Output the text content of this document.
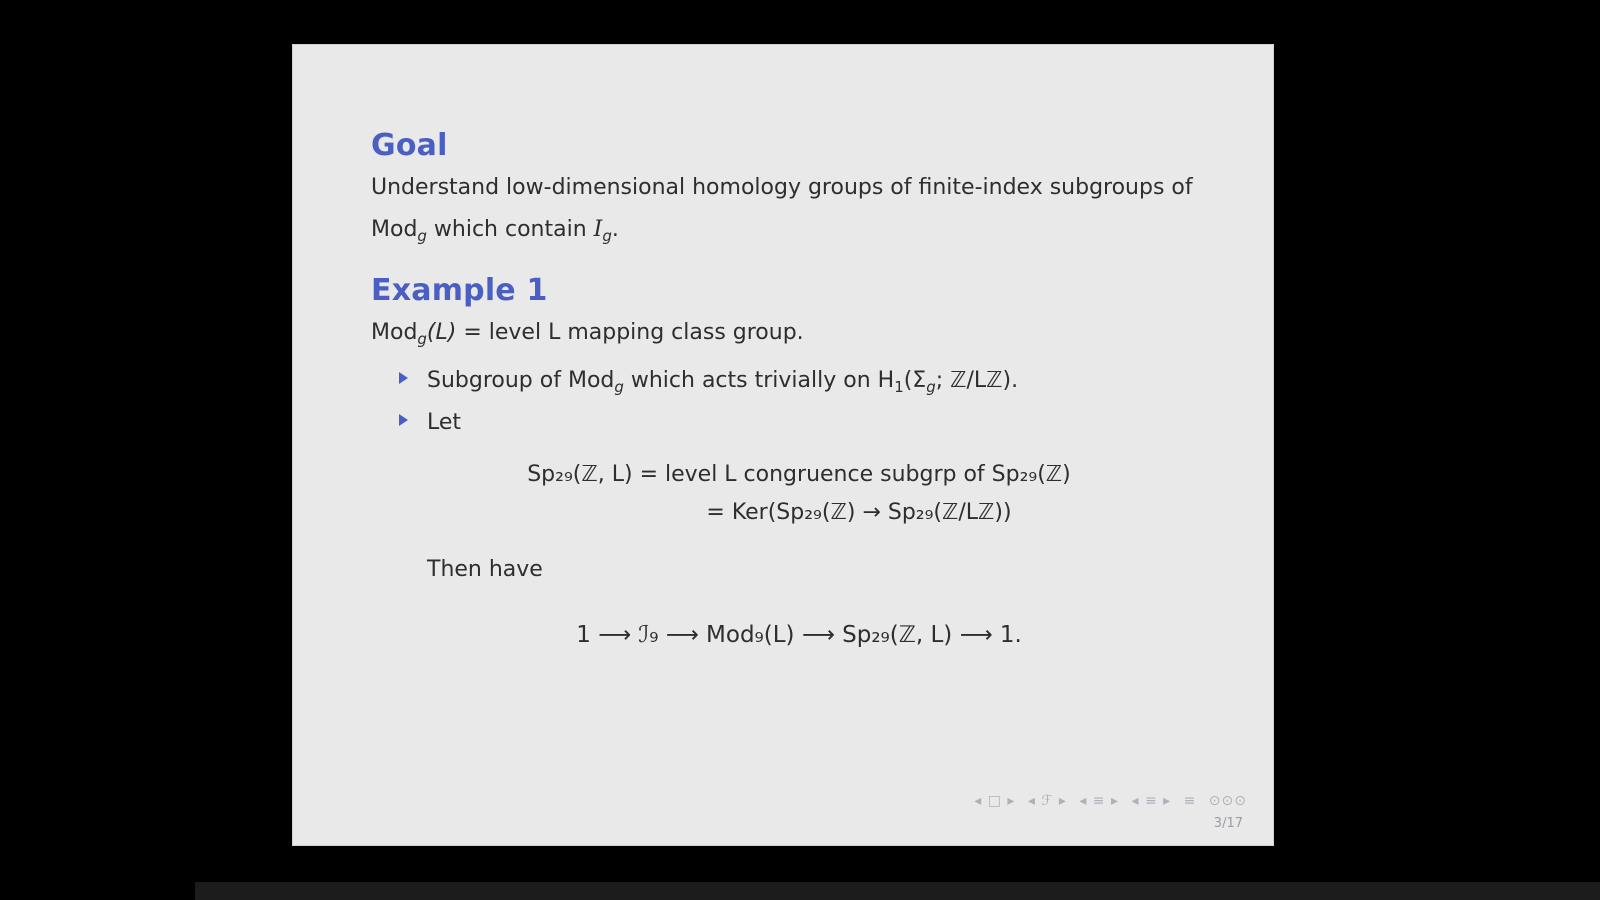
Goal

Understand low-dimensional homology groups of finite-index subgroups of

Mod$_g$ which contain $I_g$.

Example 1

Mod$_g$(L) = level L mapping class group.

Subgroup of Mod$_g$ which acts trivially on $H_1(\Sigma_g$; ℤ/Lℤ).
Let
Sp₂₉(ℤ, L) = level L congruence subgrp of Sp₂₉(ℤ)
= Ker(Sp₂₉(ℤ) → Sp₂₉(ℤ/Lℤ))

Then have

1 ⟶ ℐ₉ ⟶ Mod₉(L) ⟶ Sp₂₉(ℤ, L) ⟶ 1.
◂ □ ▸ ◂ ℱ ▸ ◂ ≡ ▸ ◂ ≡ ▸ ≡ ⊙⊙⊙
3/17
